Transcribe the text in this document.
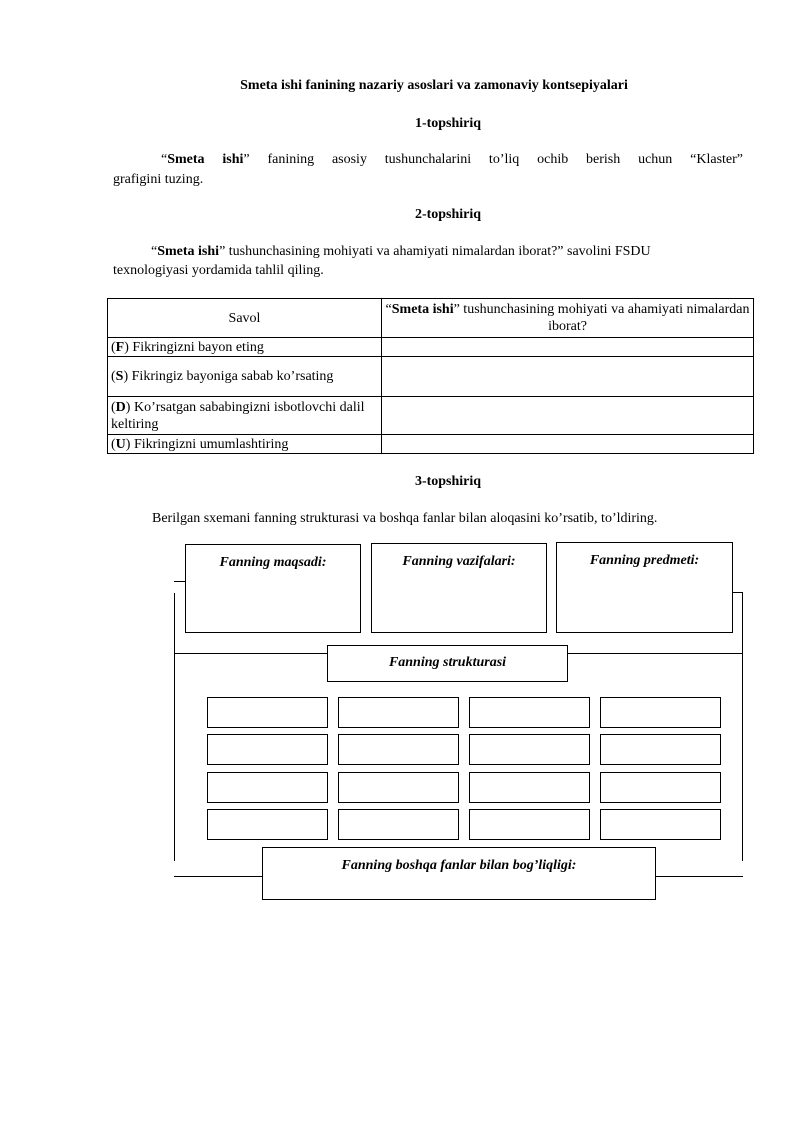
Smeta ishi fanining nazariy asoslari va zamonaviy kontsepiyalari
1-topshiriq
“Smeta ishi” fanining asosiy tushunchalarini to’liq ochib berish uchun “Klaster”
grafigini tuzing.
2-topshiriq
“Smeta ishi” tushunchasining mohiyati va ahamiyati nimalardan iborat?” savolini FSDU
texnologiyasi yordamida tahlil qiling.
Savol	“Smeta ishi” tushunchasining mohiyati va ahamiyati nimalardan iborat?
(F) Fikringizni bayon eting	
(S) Fikringiz bayoniga sabab ko’rsating	
(D) Ko’rsatgan sababingizni isbotlovchi dalil keltiring	
(U) Fikringizni umumlashtiring	
3-topshiriq
Berilgan sxemani fanning strukturasi va boshqa fanlar bilan aloqasini ko’rsatib, to’ldiring.
Fanning maqsadi:	Fanning vazifalari:	Fanning predmeti:
Fanning strukturasi
Fanning boshqa fanlar bilan bog’liqligi:
